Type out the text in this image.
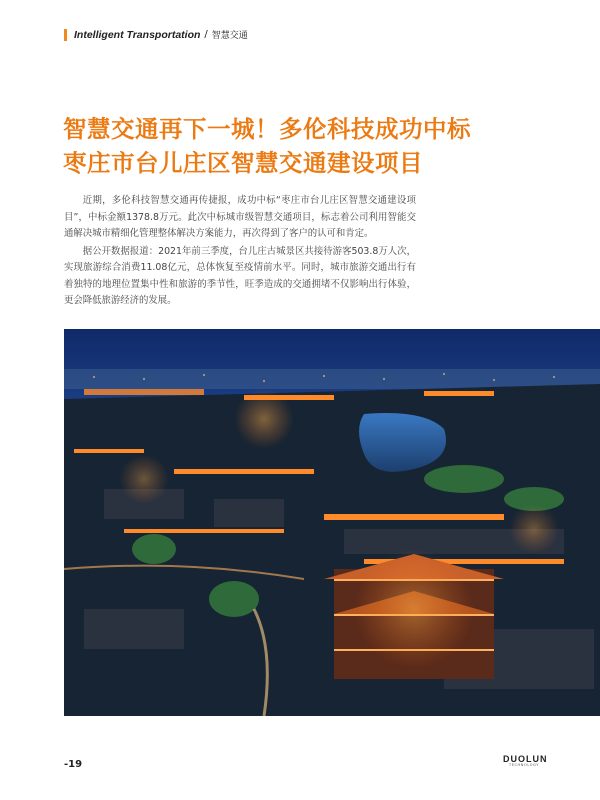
Intelligent Transportation / 智慧交通
智慧交通再下一城！多伦科技成功中标
枣庄市台儿庄区智慧交通建设项目

近期，多伦科技智慧交通再传捷报，成功中标“枣庄市台儿庄区智慧交通建设项目”，中标金额1378.8万元。此次中标城市级智慧交通项目，标志着公司利用智能交通解决城市精细化管理整体解决方案能力，再次得到了客户的认可和肯定。

据公开数据报道：2021年前三季度，台儿庄古城景区共接待游客503.8万人次，实现旅游综合消费11.08亿元，总体恢复至疫情前水平。同时，城市旅游交通出行有着独特的地理位置集中性和旅游的季节性，旺季造成的交通拥堵不仅影响出行体验，更会降低旅游经济的发展。

-19	DUOLUN
TECHNOLOGY
